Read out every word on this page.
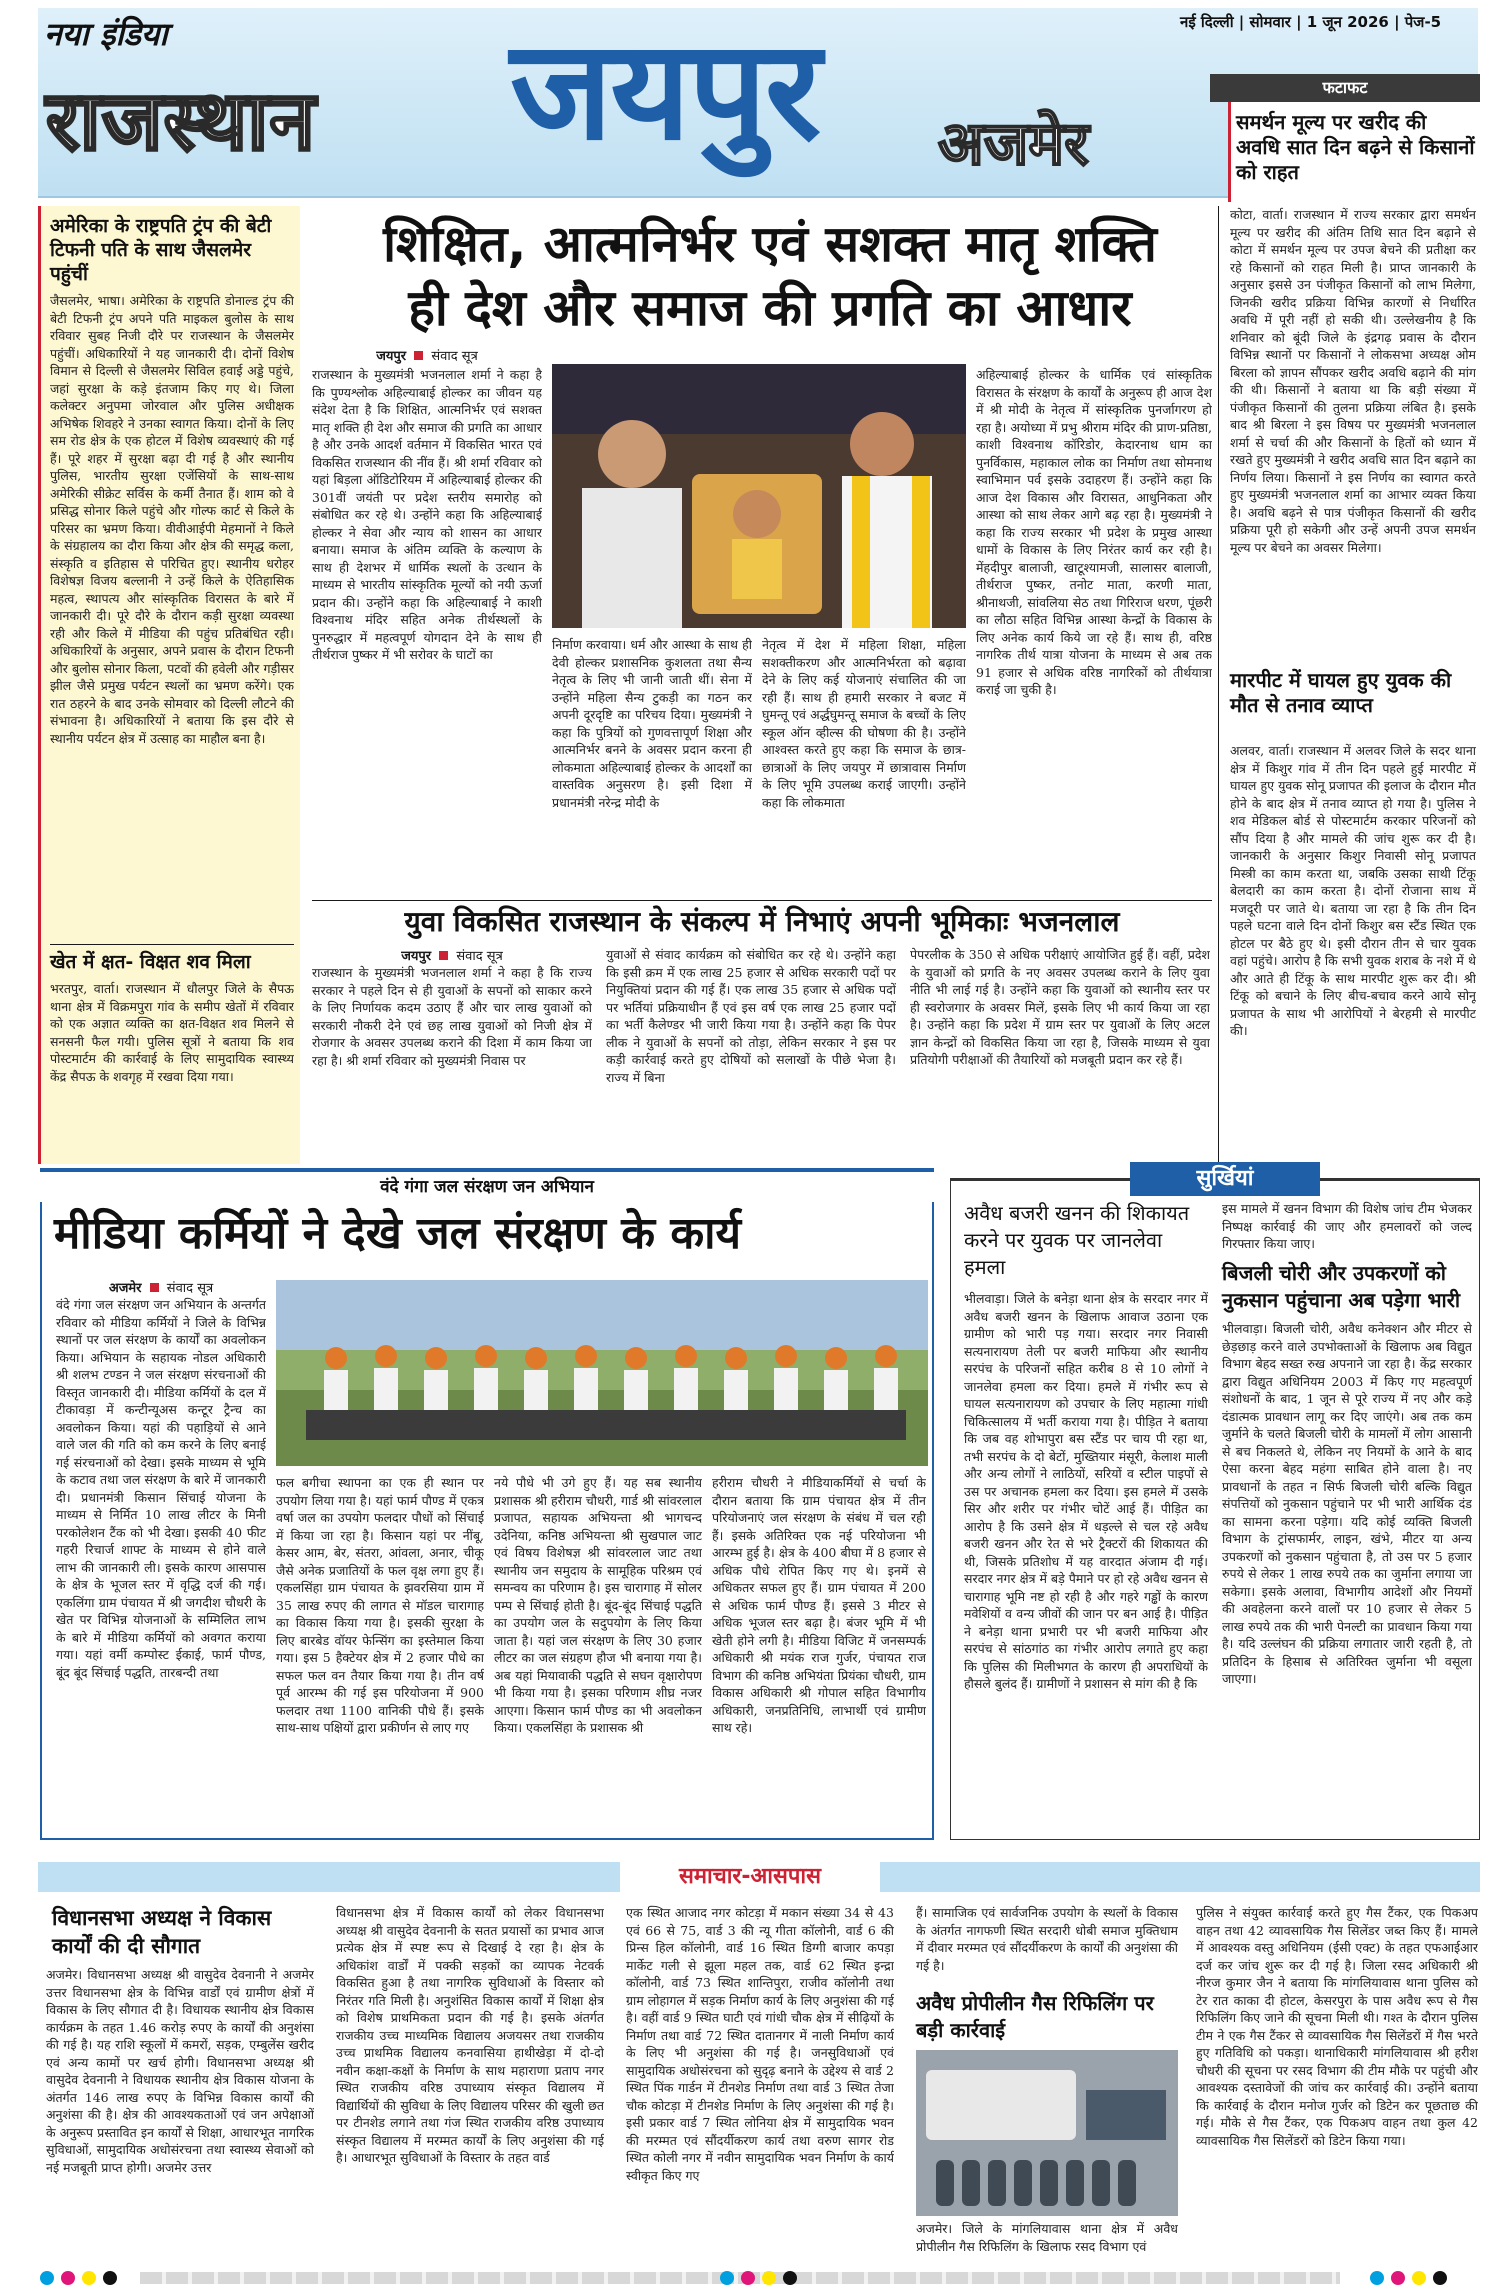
नया इंडिया
राजस्थान जयपुर अजमेर
नई दिल्ली | सोमवार | 1 जून 2026 | पेज-5
फटाफट
समर्थन मूल्य पर खरीद की अवधि सात दिन बढ़ने से किसानों को राहत
कोटा, वार्ता। राजस्थान में राज्य सरकार द्वारा समर्थन मूल्य पर खरीद की अंतिम तिथि सात दिन बढ़ाने से कोटा में समर्थन मूल्य पर उपज बेचने की प्रतीक्षा कर रहे किसानों को राहत मिली है। प्राप्त जानकारी के अनुसार इससे उन पंजीकृत किसानों को लाभ मिलेगा, जिनकी खरीद प्रक्रिया विभिन्न कारणों से निर्धारित अवधि में पूरी नहीं हो सकी थी। उल्लेखनीय है कि शनिवार को बूंदी जिले के इंद्रगढ़ प्रवास के दौरान विभिन्न स्थानों पर किसानों ने लोकसभा अध्यक्ष ओम बिरला को ज्ञापन सौंपकर खरीद अवधि बढ़ाने की मांग की थी। किसानों ने बताया था कि बड़ी संख्या में पंजीकृत किसानों की तुलना प्रक्रिया लंबित है। इसके बाद श्री बिरला ने इस विषय पर मुख्यमंत्री भजनलाल शर्मा से चर्चा की और किसानों के हितों को ध्यान में रखते हुए मुख्यमंत्री ने खरीद अवधि सात दिन बढ़ाने का निर्णय लिया। किसानों ने इस निर्णय का स्वागत करते हुए मुख्यमंत्री भजनलाल शर्मा का आभार व्यक्त किया है। अवधि बढ़ने से पात्र पंजीकृत किसानों की खरीद प्रक्रिया पूरी हो सकेगी और उन्हें अपनी उपज समर्थन मूल्य पर बेचने का अवसर मिलेगा।
मारपीट में घायल हुए युवक की मौत से तनाव व्याप्त
अलवर, वार्ता। राजस्थान में अलवर जिले के सदर थाना क्षेत्र में किशुर गांव में तीन दिन पहले हुई मारपीट में घायल हुए युवक सोनू प्रजापत की इलाज के दौरान मौत होने के बाद क्षेत्र में तनाव व्याप्त हो गया है। पुलिस ने शव मेडिकल बोर्ड से पोस्टमार्टम करकार परिजनों को सौंप दिया है और मामले की जांच शुरू कर दी है। जानकारी के अनुसार किशुर निवासी सोनू प्रजापत मिस्त्री का काम करता था, जबकि उसका साथी टिंकू बेलदारी का काम करता है। दोनों रोजाना साथ में मजदूरी पर जाते थे। बताया जा रहा है कि तीन दिन पहले घटना वाले दिन दोनों किशुर बस स्टैंड स्थित एक होटल पर बैठे हुए थे। इसी दौरान तीन से चार युवक वहां पहुंचे। आरोप है कि सभी युवक शराब के नशे में थे और आते ही टिंकू के साथ मारपीट शुरू कर दी। श्री टिंकू को बचाने के लिए बीच-बचाव करने आये सोनू प्रजापत के साथ भी आरोपियों ने बेरहमी से मारपीट की।
अमेरिका के राष्ट्रपति ट्रंप की बेटी टिफनी पति के साथ जैसलमेर पहुंचीं
जैसलमेर, भाषा। अमेरिका के राष्ट्रपति डोनाल्ड ट्रंप की बेटी टिफनी ट्रंप अपने पति माइकल बुलोस के साथ रविवार सुबह निजी दौरे पर राजस्थान के जैसलमेर पहुंचीं। अधिकारियों ने यह जानकारी दी। दोनों विशेष विमान से दिल्ली से जैसलमेर सिविल हवाई अड्डे पहुंचे, जहां सुरक्षा के कड़े इंतजाम किए गए थे। जिला कलेक्टर अनुपमा जोरवाल और पुलिस अधीक्षक अभिषेक शिवहरे ने उनका स्वागत किया। दोनों के लिए सम रोड क्षेत्र के एक होटल में विशेष व्यवस्थाएं की गई हैं। पूरे शहर में सुरक्षा बढ़ा दी गई है और स्थानीय पुलिस, भारतीय सुरक्षा एजेंसियों के साथ-साथ अमेरिकी सीक्रेट सर्विस के कर्मी तैनात हैं। शाम को वे प्रसिद्ध सोनार किले पहुंचे और गोल्फ कार्ट से किले के परिसर का भ्रमण किया। वीवीआईपी मेहमानों ने किले के संग्रहालय का दौरा किया और क्षेत्र की समृद्ध कला, संस्कृति व इतिहास से परिचित हुए। स्थानीय धरोहर विशेषज्ञ विजय बल्लानी ने उन्हें किले के ऐतिहासिक महत्व, स्थापत्य और सांस्कृतिक विरासत के बारे में जानकारी दी। पूरे दौरे के दौरान कड़ी सुरक्षा व्यवस्था रही और किले में मीडिया की पहुंच प्रतिबंधित रही। अधिकारियों के अनुसार, अपने प्रवास के दौरान टिफनी और बुलोस सोनार किला, पटवों की हवेली और गड़ीसर झील जैसे प्रमुख पर्यटन स्थलों का भ्रमण करेंगे। एक रात ठहरने के बाद उनके सोमवार को दिल्ली लौटने की संभावना है। अधिकारियों ने बताया कि इस दौरे से स्थानीय पर्यटन क्षेत्र में उत्साह का माहौल बना है।
खेत में क्षत- विक्षत शव मिला
भरतपुर, वार्ता। राजस्थान में धौलपुर जिले के सैपऊ थाना क्षेत्र में विक्रमपुरा गांव के समीप खेतों में रविवार को एक अज्ञात व्यक्ति का क्षत-विक्षत शव मिलने से सनसनी फैल गयी। पुलिस सूत्रों ने बताया कि शव पोस्टमार्टम की कार्रवाई के लिए सामुदायिक स्वास्थ्य केंद्र सैपऊ के शवगृह में रखवा दिया गया।
शिक्षित, आत्मनिर्भर एवं सशक्त मातृ शक्ति
ही देश और समाज की प्रगति का आधार
जयपुर संवाद सूत्र
राजस्थान के मुख्यमंत्री भजनलाल शर्मा ने कहा है कि पुण्यश्लोक अहिल्याबाई होल्कर का जीवन यह संदेश देता है कि शिक्षित, आत्मनिर्भर एवं सशक्त मातृ शक्ति ही देश और समाज की प्रगति का आधार है और उनके आदर्श वर्तमान में विकसित भारत एवं विकसित राजस्थान की नींव हैं। श्री शर्मा रविवार को यहां बिड़ला ऑडिटोरियम में अहिल्याबाई होल्कर की 301वीं जयंती पर प्रदेश स्तरीय समारोह को संबोधित कर रहे थे। उन्होंने कहा कि अहिल्याबाई होल्कर ने सेवा और न्याय को शासन का आधार बनाया। समाज के अंतिम व्यक्ति के कल्याण के साथ ही देशभर में धार्मिक स्थलों के उत्थान के माध्यम से भारतीय सांस्कृतिक मूल्यों को नयी ऊर्जा प्रदान की। उन्होंने कहा कि अहिल्याबाई ने काशी विश्वनाथ मंदिर सहित अनेक तीर्थस्थलों के पुनरुद्धार में महत्वपूर्ण योगदान देने के साथ ही तीर्थराज पुष्कर में भी सरोवर के घाटों का
निर्माण करवाया। धर्म और आस्था के साथ ही देवी होल्कर प्रशासनिक कुशलता तथा सैन्य नेतृत्व के लिए भी जानी जाती थीं। सेना में उन्होंने महिला सैन्य टुकड़ी का गठन कर अपनी दूरदृष्टि का परिचय दिया। मुख्यमंत्री ने कहा कि पुत्रियों को गुणवत्तापूर्ण शिक्षा और आत्मनिर्भर बनने के अवसर प्रदान करना ही लोकमाता अहिल्याबाई होल्कर के आदर्शों का वास्तविक अनुसरण है। इसी दिशा में प्रधानमंत्री नरेन्द्र मोदी के
नेतृत्व में देश में महिला शिक्षा, महिला सशक्तीकरण और आत्मनिर्भरता को बढ़ावा देने के लिए कई योजनाएं संचालित की जा रही हैं। साथ ही हमारी सरकार ने बजट में घुमन्तू एवं अर्द्धघुमन्तू समाज के बच्चों के लिए स्कूल ऑन व्हील्स की घोषणा की है। उन्होंने आश्वस्त करते हुए कहा कि समाज के छात्र-छात्राओं के लिए जयपुर में छात्रावास निर्माण के लिए भूमि उपलब्ध कराई जाएगी। उन्होंने कहा कि लोकमाता
अहिल्याबाई होल्कर के धार्मिक एवं सांस्कृतिक विरासत के संरक्षण के कार्यों के अनुरूप ही आज देश में श्री मोदी के नेतृत्व में सांस्कृतिक पुनर्जागरण हो रहा है। अयोध्या में प्रभु श्रीराम मंदिर की प्राण-प्रतिष्ठा, काशी विश्वनाथ कॉरिडोर, केदारनाथ धाम का पुनर्विकास, महाकाल लोक का निर्माण तथा सोमनाथ स्वाभिमान पर्व इसके उदाहरण हैं। उन्होंने कहा कि आज देश विकास और विरासत, आधुनिकता और आस्था को साथ लेकर आगे बढ़ रहा है। मुख्यमंत्री ने कहा कि राज्य सरकार भी प्रदेश के प्रमुख आस्था धामों के विकास के लिए निरंतर कार्य कर रही है। मेंहदीपुर बालाजी, खाटूश्यामजी, सालासर बालाजी, तीर्थराज पुष्कर, तनोट माता, करणी माता, श्रीनाथजी, सांवलिया सेठ तथा गिरिराज धरण, पूंछरी का लौठा सहित विभिन्न आस्था केन्द्रों के विकास के लिए अनेक कार्य किये जा रहे हैं। साथ ही, वरिष्ठ नागरिक तीर्थ यात्रा योजना के माध्यम से अब तक 91 हजार से अधिक वरिष्ठ नागरिकों को तीर्थयात्रा कराई जा चुकी है।
युवा विकसित राजस्थान के संकल्प में निभाएं अपनी भूमिकाः भजनलाल
जयपुर संवाद सूत्र
राजस्थान के मुख्यमंत्री भजनलाल शर्मा ने कहा है कि राज्य सरकार ने पहले दिन से ही युवाओं के सपनों को साकार करने के लिए निर्णायक कदम उठाए हैं और चार लाख युवाओं को सरकारी नौकरी देने एवं छह लाख युवाओं को निजी क्षेत्र में रोजगार के अवसर उपलब्ध कराने की दिशा में काम किया जा रहा है। श्री शर्मा रविवार को मुख्यमंत्री निवास पर
युवाओं से संवाद कार्यक्रम को संबोधित कर रहे थे। उन्होंने कहा कि इसी क्रम में एक लाख 25 हजार से अधिक सरकारी पदों पर नियुक्तियां प्रदान की गई हैं। एक लाख 35 हजार से अधिक पदों पर भर्तियां प्रक्रियाधीन हैं एवं इस वर्ष एक लाख 25 हजार पदों का भर्ती कैलेण्डर भी जारी किया गया है। उन्होंने कहा कि पेपर लीक ने युवाओं के सपनों को तोड़ा, लेकिन सरकार ने इस पर कड़ी कार्रवाई करते हुए दोषियों को सलाखों के पीछे भेजा है। राज्य में बिना
पेपरलीक के 350 से अधिक परीक्षाएं आयोजित हुई हैं। वहीं, प्रदेश के युवाओं को प्रगति के नए अवसर उपलब्ध कराने के लिए युवा नीति भी लाई गई है। उन्होंने कहा कि युवाओं को स्थानीय स्तर पर ही स्वरोजगार के अवसर मिलें, इसके लिए भी कार्य किया जा रहा है। उन्होंने कहा कि प्रदेश में ग्राम स्तर पर युवाओं के लिए अटल ज्ञान केन्द्रों को विकसित किया जा रहा है, जिसके माध्यम से युवा प्रतियोगी परीक्षाओं की तैयारियों को मजबूती प्रदान कर रहे हैं।
वंदे गंगा जल संरक्षण जन अभियान
मीडिया कर्मियों ने देखे जल संरक्षण के कार्य
अजमेर संवाद सूत्र
वंदे गंगा जल संरक्षण जन अभियान के अन्तर्गत रविवार को मीडिया कर्मियों ने जिले के विभिन्न स्थानों पर जल संरक्षण के कार्यों का अवलोकन किया। अभियान के सहायक नोडल अधिकारी श्री शलभ टण्डन ने जल संरक्षण संरचनाओं की विस्तृत जानकारी दी। मीडिया कर्मियों के दल में टीकावड़ा में कन्टीन्यूअस कन्टूर ट्रैन्च का अवलोकन किया। यहां की पहाड़ियों से आने वाले जल की गति को कम करने के लिए बनाई गई संरचनाओं को देखा। इसके माध्यम से भूमि के कटाव तथा जल संरक्षण के बारे में जानकारी दी। प्रधानमंत्री किसान सिंचाई योजना के माध्यम से निर्मित 10 लाख लीटर के मिनी परकोलेशन टैंक को भी देखा। इसकी 40 फीट गहरी रिचार्ज शाफ्ट के माध्यम से होने वाले लाभ की जानकारी ली। इसके कारण आसपास के क्षेत्र के भूजल स्तर में वृद्धि दर्ज की गई। एकलिंगा ग्राम पंचायत में श्री जगदीश चौधरी के खेत पर विभिन्न योजनाओं के सम्मिलित लाभ के बारे में मीडिया कर्मियों को अवगत कराया गया। यहां वर्मी कम्पोस्ट ईकाई, फार्म पौण्ड, बूंद बूंद सिंचाई पद्धति, तारबन्दी तथा
फल बगीचा स्थापना का एक ही स्थान पर उपयोग लिया गया है। यहां फार्म पौण्ड में एकत्र वर्षा जल का उपयोग फलदार पौधों को सिंचाई में किया जा रहा है। किसान यहां पर नींबू, केसर आम, बेर, संतरा, आंवला, अनार, चीकू जैसे अनेक प्रजातियों के फल वृक्ष लगा हुए हैं। एकलसिंहा ग्राम पंचायत के झवरसिया ग्राम में 35 लाख रुपए की लागत से मॉडल चारागाह का विकास किया गया है। इसकी सुरक्षा के लिए बारबेड वॉयर फेन्सिंग का इस्तेमाल किया गया। इस 5 हैक्टेयर क्षेत्र में 2 हजार पौधे का सफल फल वन तैयार किया गया है। तीन वर्ष पूर्व आरम्भ की गई इस परियोजना में 900 फलदार तथा 1100 वानिकी पौधे हैं। इसके साथ-साथ पक्षियों द्वारा प्रकीर्णन से लाए गए
नये पौधे भी उगे हुए हैं। यह सब स्थानीय प्रशासक श्री हरीराम चौधरी, गार्ड श्री सांवरलाल प्रजापत, सहायक अभियन्ता श्री भागचन्द उदेनिया, कनिष्ठ अभियन्ता श्री सुखपाल जाट एवं विषय विशेषज्ञ श्री सांवरलाल जाट तथा स्थानीय जन समुदाय के सामूहिक परिश्रम एवं समन्वय का परिणाम है। इस चारागाह में सोलर पम्प से सिंचाई होती है। बूंद-बूंद सिंचाई पद्धति का उपयोग जल के सदुपयोग के लिए किया जाता है। यहां जल संरक्षण के लिए 30 हजार लीटर का जल संग्रहण हौज भी बनाया गया है। अब यहां मियावाकी पद्धति से सघन वृक्षारोपण भी किया गया है। इसका परिणाम शीघ्र नजर आएगा। किसान फार्म पौण्ड का भी अवलोकन किया। एकलसिंहा के प्रशासक श्री
हरीराम चौधरी ने मीडियाकर्मियों से चर्चा के दौरान बताया कि ग्राम पंचायत क्षेत्र में तीन परियोजनाएं जल संरक्षण के संबंध में चल रही हैं। इसके अतिरिक्त एक नई परियोजना भी आरम्भ हुई है। क्षेत्र के 400 बीघा में 8 हजार से अधिक पौधे रोपित किए गए थे। इनमें से अधिकतर सफल हुए हैं। ग्राम पंचायत में 200 से अधिक फार्म पौण्ड हैं। इससे 3 मीटर से अधिक भूजल स्तर बढ़ा है। बंजर भूमि में भी खेती होने लगी है। मीडिया विजिट में जनसम्पर्क अधिकारी श्री मयंक राज गुर्जर, पंचायत राज विभाग की कनिष्ठ अभियंता प्रियंका चौधरी, ग्राम विकास अधिकारी श्री गोपाल सहित विभागीय अधिकारी, जनप्रतिनिधि, लाभार्थी एवं ग्रामीण साथ रहे।
सुर्खियां
अवैध बजरी खनन की शिकायत करने पर युवक पर जानलेवा हमला
भीलवाड़ा। जिले के बनेड़ा थाना क्षेत्र के सरदार नगर में अवैध बजरी खनन के खिलाफ आवाज उठाना एक ग्रामीण को भारी पड़ गया। सरदार नगर निवासी सत्यनारायण तेली पर बजरी माफिया और स्थानीय सरपंच के परिजनों सहित करीब 8 से 10 लोगों ने जानलेवा हमला कर दिया। हमले में गंभीर रूप से घायल सत्यनारायण को उपचार के लिए महात्मा गांधी चिकित्सालय में भर्ती कराया गया है। पीड़ित ने बताया कि जब वह शोभापुरा बस स्टैंड पर चाय पी रहा था, तभी सरपंच के दो बेटों, मुख्तियार मंसूरी, केलाश माली और अन्य लोगों ने लाठियों, सरियों व स्टील पाइपों से उस पर अचानक हमला कर दिया। इस हमले में उसके सिर और शरीर पर गंभीर चोटें आई हैं। पीड़ित का आरोप है कि उसने क्षेत्र में धड़ल्ले से चल रहे अवैध बजरी खनन और रेत से भरे ट्रैक्टरों की शिकायत की थी, जिसके प्रतिशोध में यह वारदात अंजाम दी गई। सरदार नगर क्षेत्र में बड़े पैमाने पर हो रहे अवैध खनन से चारागाह भूमि नष्ट हो रही है और गहरे गड्ढों के कारण मवेशियों व वन्य जीवों की जान पर बन आई है। पीड़ित ने बनेड़ा थाना प्रभारी पर भी बजरी माफिया और सरपंच से सांठगांठ का गंभीर आरोप लगाते हुए कहा कि पुलिस की मिलीभगत के कारण ही अपराधियों के हौसले बुलंद हैं। ग्रामीणों ने प्रशासन से मांग की है कि
इस मामले में खनन विभाग की विशेष जांच टीम भेजकर निष्पक्ष कार्रवाई की जाए और हमलावरों को जल्द गिरफ्तार किया जाए।
बिजली चोरी और उपकरणों को नुकसान पहुंचाना अब पड़ेगा भारी
भीलवाड़ा। बिजली चोरी, अवैध कनेक्शन और मीटर से छेड़छाड़ करने वाले उपभोक्ताओं के खिलाफ अब विद्युत विभाग बेहद सख्त रुख अपनाने जा रहा है। केंद्र सरकार द्वारा विद्युत अधिनियम 2003 में किए गए महत्वपूर्ण संशोधनों के बाद, 1 जून से पूरे राज्य में नए और कड़े दंडात्मक प्रावधान लागू कर दिए जाएंगे। अब तक कम जुर्माने के चलते बिजली चोरी के मामलों में लोग आसानी से बच निकलते थे, लेकिन नए नियमों के आने के बाद ऐसा करना बेहद महंगा साबित होने वाला है। नए प्रावधानों के तहत न सिर्फ बिजली चोरी बल्कि विद्युत संपत्तियों को नुकसान पहुंचाने पर भी भारी आर्थिक दंड का सामना करना पड़ेगा। यदि कोई व्यक्ति बिजली विभाग के ट्रांसफार्मर, लाइन, खंभे, मीटर या अन्य उपकरणों को नुकसान पहुंचाता है, तो उस पर 5 हजार रुपये से लेकर 1 लाख रुपये तक का जुर्माना लगाया जा सकेगा। इसके अलावा, विभागीय आदेशों और नियमों की अवहेलना करने वालों पर 10 हजार से लेकर 5 लाख रुपये तक की भारी पेनल्टी का प्रावधान किया गया है। यदि उल्लंघन की प्रक्रिया लगातार जारी रहती है, तो प्रतिदिन के हिसाब से अतिरिक्त जुर्माना भी वसूला जाएगा।
समाचार-आसपास
विधानसभा अध्यक्ष ने विकास कार्यों की दी सौगात
अजमेर। विधानसभा अध्यक्ष श्री वासुदेव देवनानी ने अजमेर उत्तर विधानसभा क्षेत्र के विभिन्न वार्डों एवं ग्रामीण क्षेत्रों में विकास के लिए सौगात दी है। विधायक स्थानीय क्षेत्र विकास कार्यक्रम के तहत 1.46 करोड़ रुपए के कार्यों की अनुशंसा की गई है। यह राशि स्कूलों में कमरों, सड़क, एम्बुलेंस खरीद एवं अन्य कामों पर खर्च होगी। विधानसभा अध्यक्ष श्री वासुदेव देवनानी ने विधायक स्थानीय क्षेत्र विकास योजना के अंतर्गत 146 लाख रुपए के विभिन्न विकास कार्यों की अनुशंसा की है। क्षेत्र की आवश्यकताओं एवं जन अपेक्षाओं के अनुरूप प्रस्तावित इन कार्यों से शिक्षा, आधारभूत नागरिक सुविधाओं, सामुदायिक अधोसंरचना तथा स्वास्थ्य सेवाओं को नई मजबूती प्राप्त होगी। अजमेर उत्तर
विधानसभा क्षेत्र में विकास कार्यों को लेकर विधानसभा अध्यक्ष श्री वासुदेव देवनानी के सतत प्रयासों का प्रभाव आज प्रत्येक क्षेत्र में स्पष्ट रूप से दिखाई दे रहा है। क्षेत्र के अधिकांश वार्डों में पक्की सड़कों का व्यापक नेटवर्क विकसित हुआ है तथा नागरिक सुविधाओं के विस्तार को निरंतर गति मिली है। अनुशंसित विकास कार्यों में शिक्षा क्षेत्र को विशेष प्राथमिकता प्रदान की गई है। इसके अंतर्गत राजकीय उच्च माध्यमिक विद्यालय अजयसर तथा राजकीय उच्च प्राथमिक विद्यालय कनवासिया हाथीखेड़ा में दो-दो नवीन कक्षा-कक्षों के निर्माण के साथ महाराणा प्रताप नगर स्थित राजकीय वरिष्ठ उपाध्याय संस्कृत विद्यालय में विद्यार्थियों की सुविधा के लिए विद्यालय परिसर की खुली छत पर टीनशेड लगाने तथा गंज स्थित राजकीय वरिष्ठ उपाध्याय संस्कृत विद्यालय में मरम्मत कार्यों के लिए अनुशंसा की गई है। आधारभूत सुविधाओं के विस्तार के तहत वार्ड
एक स्थित आजाद नगर कोटड़ा में मकान संख्या 34 से 43 एवं 66 से 75, वार्ड 3 की न्यू गीता कॉलोनी, वार्ड 6 की प्रिन्स हिल कॉलोनी, वार्ड 16 स्थित डिग्गी बाजार कपड़ा मार्केट गली से झूला महल तक, वार्ड 62 स्थित इन्द्रा कॉलोनी, वार्ड 73 स्थित शान्तिपुरा, राजीव कॉलोनी तथा ग्राम लोहागल में सड़क निर्माण कार्य के लिए अनुशंसा की गई है। वहीं वार्ड 9 स्थित घाटी एवं गांधी चौक क्षेत्र में सीढ़ियों के निर्माण तथा वार्ड 72 स्थित दातानगर में नाली निर्माण कार्य के लिए भी अनुशंसा की गई है। जनसुविधाओं एवं सामुदायिक अधोसंरचना को सुदृढ़ बनाने के उद्देश्य से वार्ड 2 स्थित पिंक गार्डन में टीनशेड निर्माण तथा वार्ड 3 स्थित तेजा चौक कोटड़ा में टीनशेड निर्माण के लिए अनुशंसा की गई है। इसी प्रकार वार्ड 7 स्थित लोनिया क्षेत्र में सामुदायिक भवन की मरम्मत एवं सौंदर्यीकरण कार्य तथा वरुण सागर रोड स्थित कोली नगर में नवीन सामुदायिक भवन निर्माण के कार्य स्वीकृत किए गए
हैं। सामाजिक एवं सार्वजनिक उपयोग के स्थलों के विकास के अंतर्गत नागफणी स्थित सरदारी धोबी समाज मुक्तिधाम में दीवार मरम्मत एवं सौंदर्यीकरण के कार्यों की अनुशंसा की गई है।
अवैध प्रोपीलीन गैस रिफिलिंग पर बड़ी कार्रवाई
अजमेर। जिले के मांगलियावास थाना क्षेत्र में अवैध प्रोपीलीन गैस रिफिलिंग के खिलाफ रसद विभाग एवं
पुलिस ने संयुक्त कार्रवाई करते हुए गैस टैंकर, एक पिकअप वाहन तथा 42 व्यावसायिक गैस सिलेंडर जब्त किए हैं। मामले में आवश्यक वस्तु अधिनियम (ईसी एक्ट) के तहत एफआईआर दर्ज कर जांच शुरू कर दी गई है। जिला रसद अधिकारी श्री नीरज कुमार जैन ने बताया कि मांगलियावास थाना पुलिस को टेर रात काका दी होटल, केसरपुरा के पास अवैध रूप से गैस रिफिलिंग किए जाने की सूचना मिली थी। गश्त के दौरान पुलिस टीम ने एक गैस टैंकर से व्यावसायिक गैस सिलेंडरों में गैस भरते हुए गतिविधि को पकड़ा। थानाधिकारी मांगलियावास श्री हरीश चौधरी की सूचना पर रसद विभाग की टीम मौके पर पहुंची और आवश्यक दस्तावेजों की जांच कर कार्रवाई की। उन्होंने बताया कि कार्रवाई के दौरान मनोज गुर्जर को डिटेन कर पूछताछ की गई। मौके से गैस टैंकर, एक पिकअप वाहन तथा कुल 42 व्यावसायिक गैस सिलेंडरों को डिटेन किया गया।
